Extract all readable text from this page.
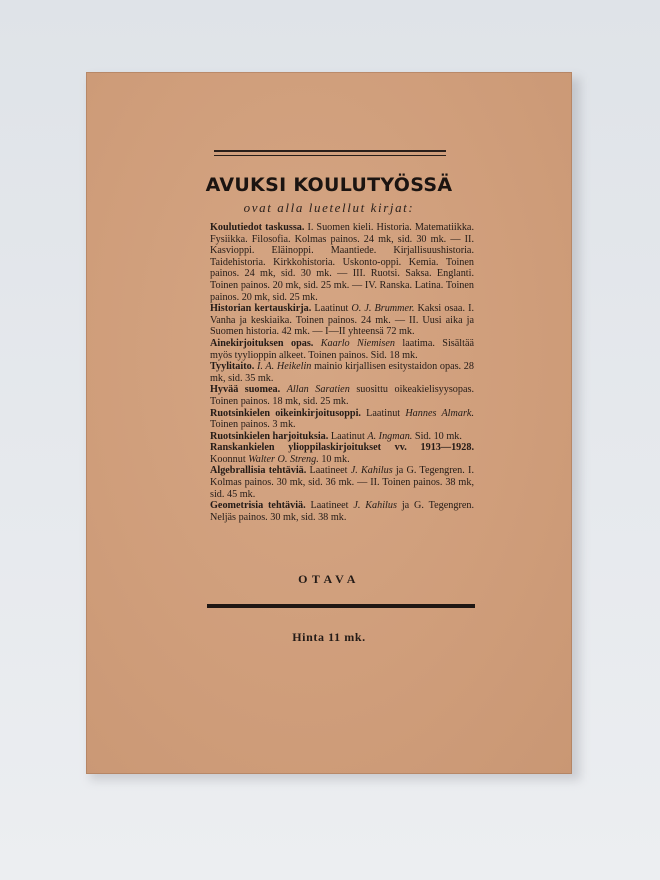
AVUKSI KOULUTYÖSSÄ
ovat alla luetellut kirjat:

Koulutiedot taskussa. I. Suomen kieli. Historia. Matematiikka. Fysiikka. Filosofia. Kolmas painos. 24 mk, sid. 30 mk. — II. Kasvioppi. Eläinoppi. Maantiede. Kirjallisuushistoria. Taidehistoria. Kirkkohistoria. Uskonto-oppi. Kemia. Toinen painos. 24 mk, sid. 30 mk. — III. Ruotsi. Saksa. Englanti. Toinen painos. 20 mk, sid. 25 mk. — IV. Ranska. Latina. Toinen painos. 20 mk, sid. 25 mk.

Historian kertauskirja. Laatinut O. J. Brummer. Kaksi osaa. I. Vanha ja keskiaika. Toinen painos. 24 mk. — II. Uusi aika ja Suomen historia. 42 mk. — I—II yhteensä 72 mk.

Ainekirjoituksen opas. Kaarlo Niemisen laatima. Sisältää myös tyylioppin alkeet. Toinen painos. Sid. 18 mk.

Tyylitaito. I. A. Heikelin mainio kirjallisen esitystaidon opas. 28 mk, sid. 35 mk.

Hyvää suomea. Allan Saratien suosittu oikeakielisyysopas. Toinen painos. 18 mk, sid. 25 mk.

Ruotsinkielen oikeinkirjoitusoppi. Laatinut Hannes Almark. Toinen painos. 3 mk.

Ruotsinkielen harjoituksia. Laatinut A. Ingman. Sid. 10 mk.

Ranskankielen ylioppilaskirjoitukset vv. 1913—1928. Koonnut Walter O. Streng. 10 mk.

Algebrallisia tehtäviä. Laatineet J. Kahilus ja G. Tegengren. I. Kolmas painos. 30 mk, sid. 36 mk. — II. Toinen painos. 38 mk, sid. 45 mk.

Geometrisia tehtäviä. Laatineet J. Kahilus ja G. Tegengren. Neljäs painos. 30 mk, sid. 38 mk.

OTAVA
Hinta 11 mk.
